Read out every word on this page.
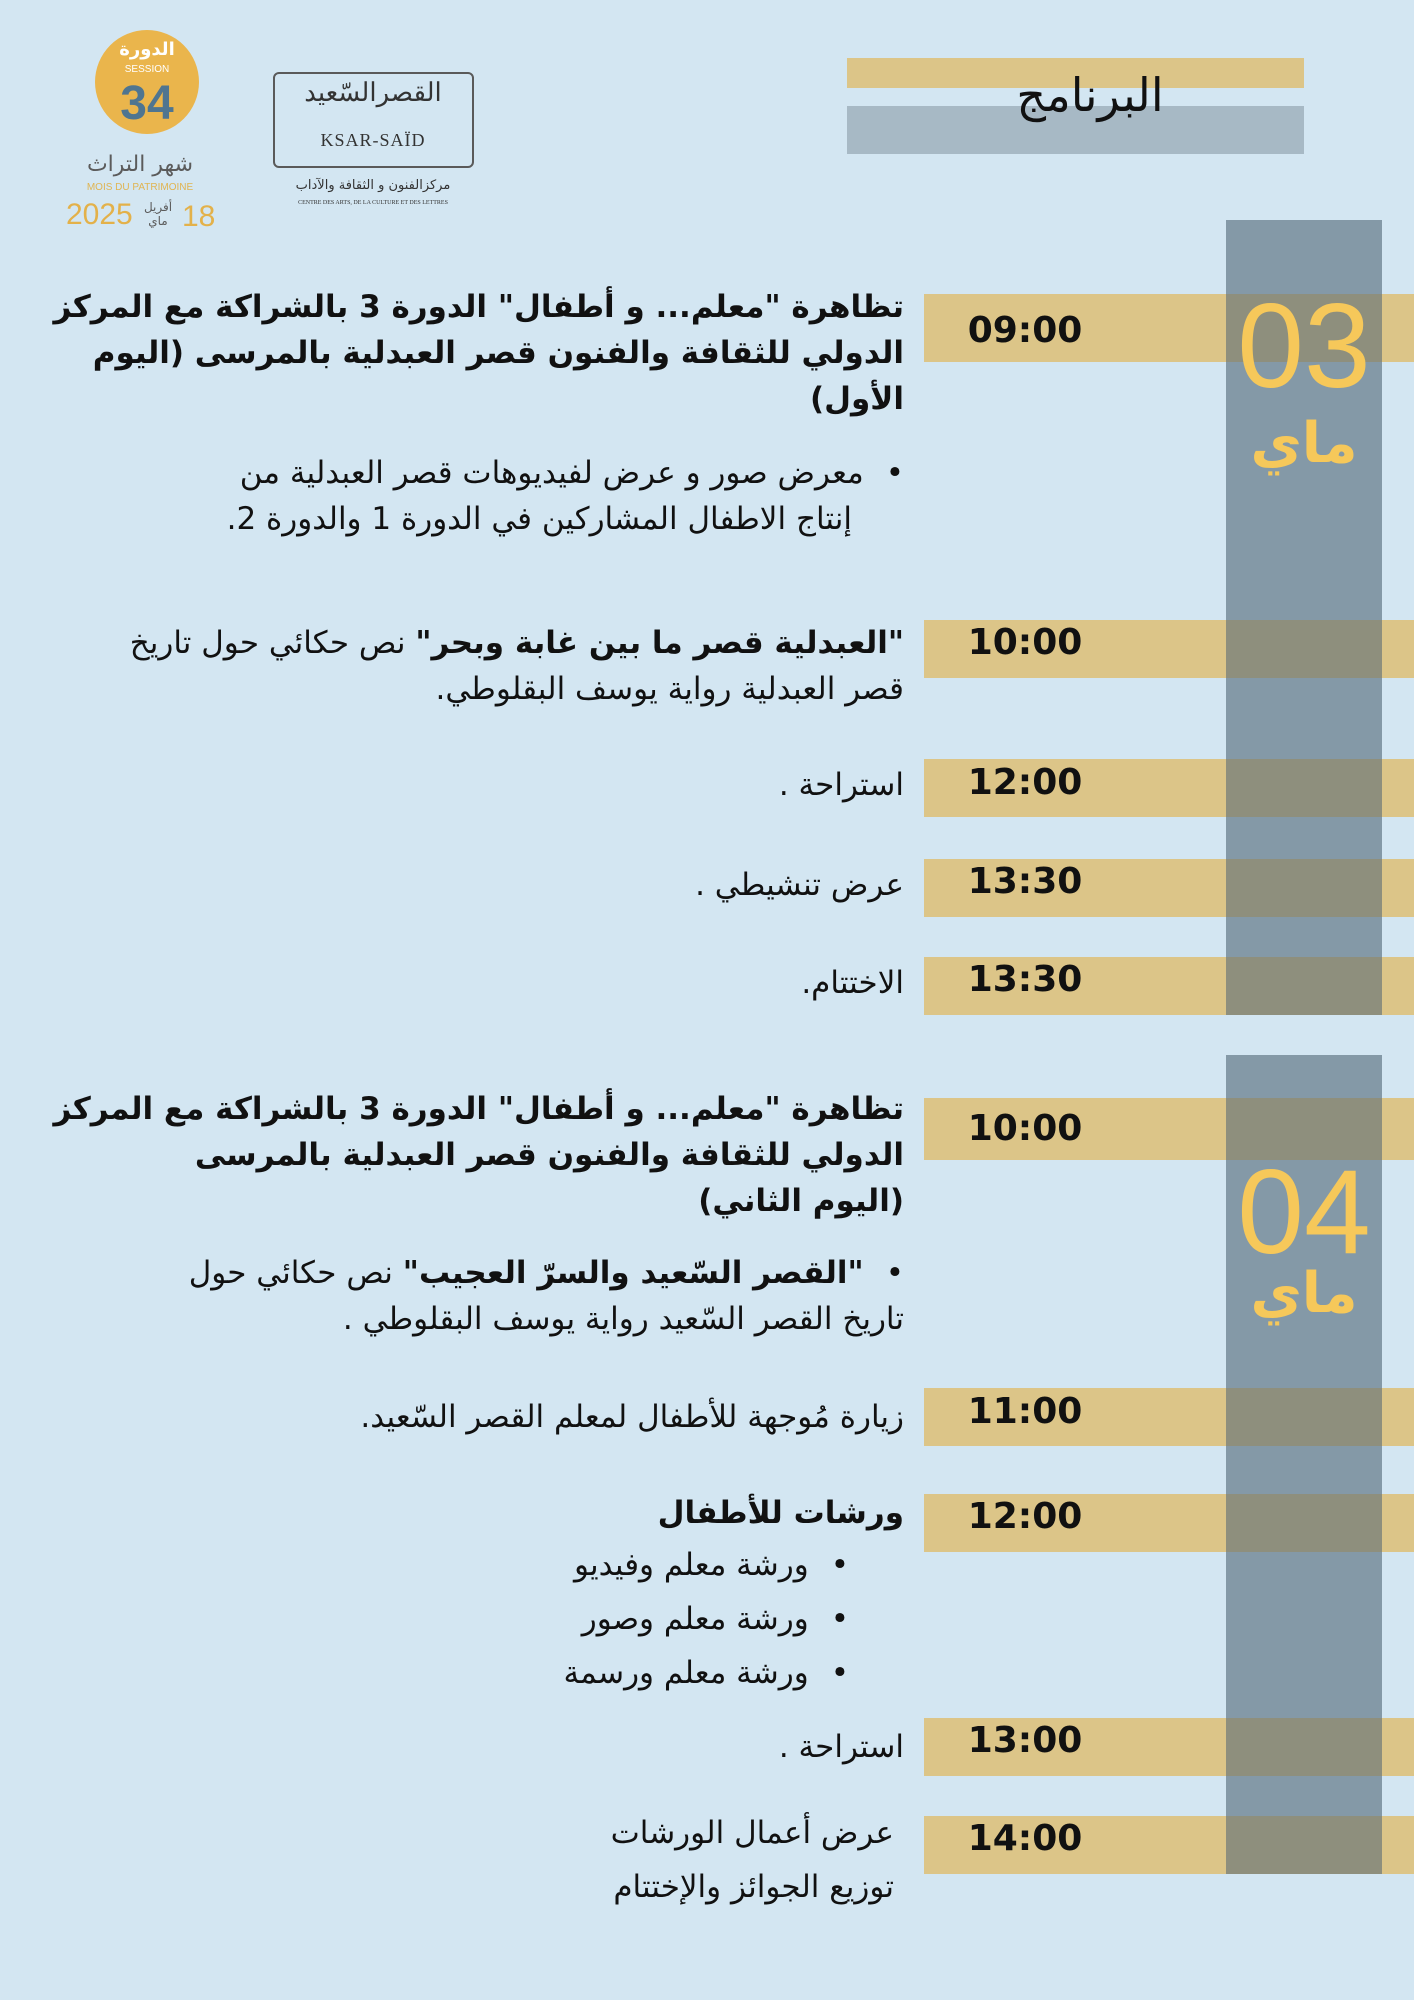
الدورة
SESSION
34
شهر التراث
MOIS DU PATRIMOINE
2025 أفريل
ماي 18
القصرالسّعيد
KSAR-SAÏD
مركزالفنون و الثقافة والآداب
CENTRE DES ARTS, DE LA CULTURE ET DES LETTRES
البرنامج
09:00
10:00
12:00
13:30
13:30
03
ماي
تظاهرة "معلم... و أطفال" الدورة 3 بالشراكة مع المركز
الدولي للثقافة والفنون قصر العبدلية بالمرسى (اليوم الأول)
• معرض صور و عرض لفيديوهات قصر العبدلية من
إنتاج الاطفال المشاركين في الدورة 1 والدورة 2.
"العبدلية قصر ما بين غابة وبحر" نص حكائي حول تاريخ
قصر العبدلية رواية يوسف البقلوطي.
استراحة .
عرض تنشيطي .
الاختتام.
10:00
11:00
12:00
13:00
14:00
04
ماي
تظاهرة "معلم... و أطفال" الدورة 3 بالشراكة مع المركز
الدولي للثقافة والفنون قصر العبدلية بالمرسى
(اليوم الثاني)
• "القصر السّعيد والسرّ العجيب" نص حكائي حول
تاريخ القصر السّعيد رواية يوسف البقلوطي .
زيارة مُوجهة للأطفال لمعلم القصر السّعيد.
ورشات للأطفال
• ورشة معلم وفيديو
• ورشة معلم وصور
• ورشة معلم ورسمة
استراحة .
عرض أعمال الورشات
توزيع الجوائز والإختتام
